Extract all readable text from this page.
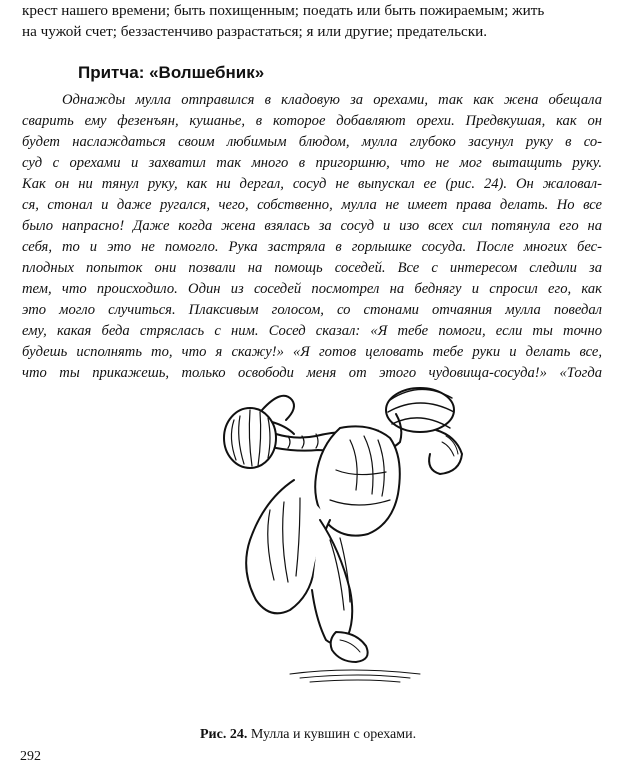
крест нашего времени; быть похищенным; поедать или быть пожираемым; жить
на чужой счет; беззастенчиво разрастаться; я или другие; предательски.
Притча: «Волшебник»
Однажды мулла отправился в кладовую за орехами, так как жена обещала
сварить ему фезенъян, кушанье, в которое добавляют орехи. Предвкушая, как он
будет наслаждаться своим любимым блюдом, мулла глубоко засунул руку в со-
суд с орехами и захватил так много в пригоршню, что не мог вытащить руку.
Как он ни тянул руку, как ни дергал, сосуд не выпускал ее (рис. 24). Он жаловал-
ся, стонал и даже ругался, чего, собственно, мулла не имеет права делать. Но все
было напрасно! Даже когда жена взялась за сосуд и изо всех сил потянула его на
себя, то и это не помогло. Рука застряла в горлышке сосуда. После многих бес-
плодных попыток они позвали на помощь соседей. Все с интересом следили за
тем, что происходило. Один из соседей посмотрел на беднягу и спросил его, как
это могло случиться. Плаксивым голосом, со стонами отчаяния мулла поведал
ему, какая беда стряслась с ним. Сосед сказал: «Я тебе помоги, если ты точно
будешь исполнять то, что я скажу!» «Я готов целовать тебе руки и делать все,
что ты прикажешь, только освободи меня от этого чудовища-сосуда!» «Тогда
Рис. 24. Мулла и кувшин с орехами.
292
